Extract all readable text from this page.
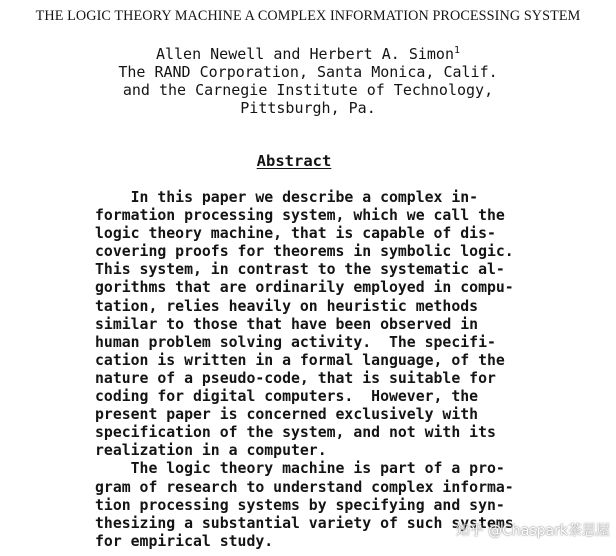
THE LOGIC THEORY MACHINE A COMPLEX INFORMATION PROCESSING SYSTEM
Allen Newell and Herbert A. Simon$^1$
The RAND Corporation, Santa Monica, Calif.
and the Carnegie Institute of Technology,
Pittsburgh, Pa.
Abstract
In this paper we describe a complex in-
formation processing system, which we call the
logic theory machine, that is capable of dis-
covering proofs for theorems in symbolic logic.
This system, in contrast to the systematic al-
gorithms that are ordinarily employed in compu-
tation, relies heavily on heuristic methods
similar to those that have been observed in
human problem solving activity.  The specifi-
cation is written in a formal language, of the
nature of a pseudo-code, that is suitable for
coding for digital computers.  However, the
present paper is concerned exclusively with
specification of the system, and not with its
realization in a computer.
The logic theory machine is part of a pro-
gram of research to understand complex informa-
tion processing systems by specifying and syn-
thesizing a substantial variety of such systems
for empirical study.
知乎 @Chaspark茶思屋
